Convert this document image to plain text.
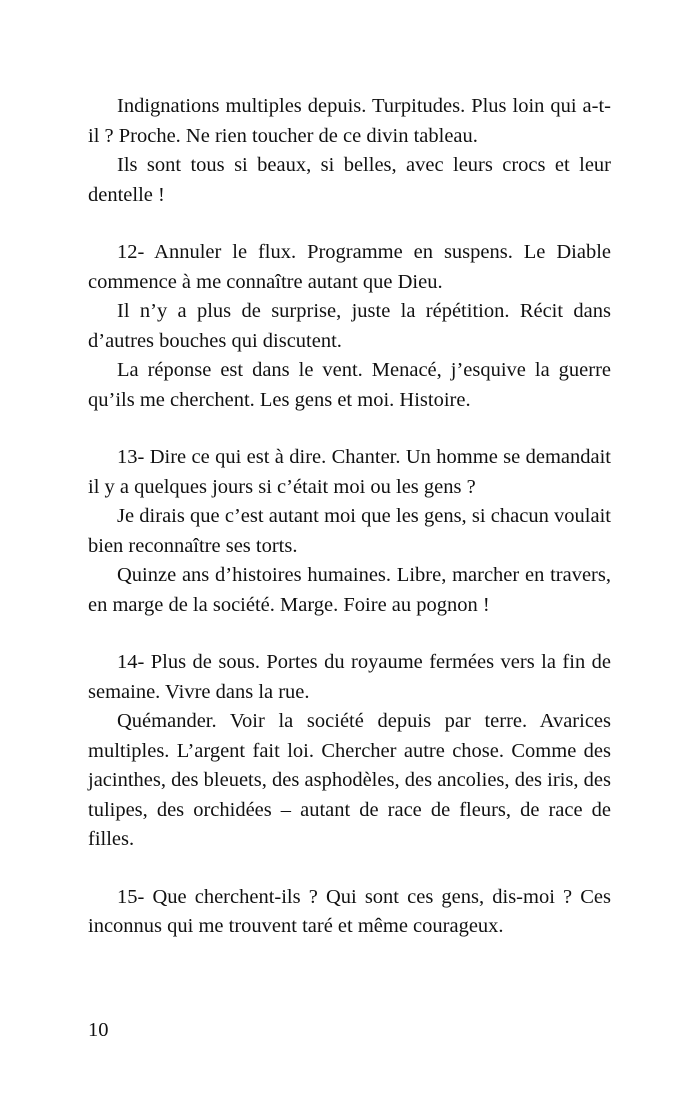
Indignations multiples depuis. Turpitudes. Plus loin qui a-t-il ? Proche. Ne rien toucher de ce divin tableau.

Ils sont tous si beaux, si belles, avec leurs crocs et leur dentelle !

12- Annuler le flux. Programme en suspens. Le Diable commence à me connaître autant que Dieu.

Il n’y a plus de surprise, juste la répétition. Récit dans d’autres bouches qui discutent.

La réponse est dans le vent. Menacé, j’esquive la guerre qu’ils me cherchent. Les gens et moi. Histoire.

13- Dire ce qui est à dire. Chanter. Un homme se demandait il y a quelques jours si c’était moi ou les gens ?

Je dirais que c’est autant moi que les gens, si chacun voulait bien reconnaître ses torts.

Quinze ans d’histoires humaines. Libre, marcher en travers, en marge de la société. Marge. Foire au pognon !

14- Plus de sous. Portes du royaume fermées vers la fin de semaine. Vivre dans la rue.

Quémander. Voir la société depuis par terre. Avarices multiples. L’argent fait loi. Chercher autre chose. Comme des jacinthes, des bleuets, des asphodèles, des ancolies, des iris, des tulipes, des orchidées – autant de race de fleurs, de race de filles.

15- Que cherchent-ils ? Qui sont ces gens, dis-moi ? Ces inconnus qui me trouvent taré et même courageux.

10
